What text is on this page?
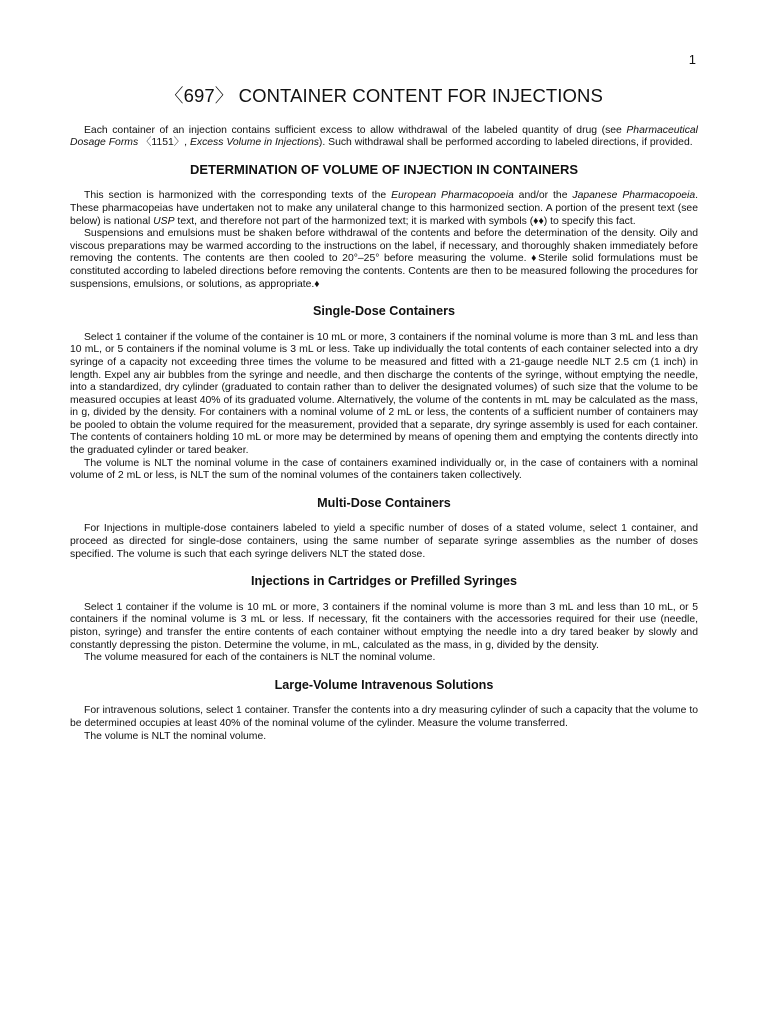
1
〈697〉 CONTAINER CONTENT FOR INJECTIONS

Each container of an injection contains sufficient excess to allow withdrawal of the labeled quantity of drug (see Pharmaceutical Dosage Forms 〈1151〉, Excess Volume in Injections). Such withdrawal shall be performed according to labeled directions, if provided.

DETERMINATION OF VOLUME OF INJECTION IN CONTAINERS

This section is harmonized with the corresponding texts of the European Pharmacopoeia and/or the Japanese Pharmacopoeia. These pharmacopeias have undertaken not to make any unilateral change to this harmonized section. A portion of the present text (see below) is national USP text, and therefore not part of the harmonized text; it is marked with symbols (♦♦) to specify this fact.

Suspensions and emulsions must be shaken before withdrawal of the contents and before the determination of the density. Oily and viscous preparations may be warmed according to the instructions on the label, if necessary, and thoroughly shaken immediately before removing the contents. The contents are then cooled to 20°–25° before measuring the volume. ♦Sterile solid formulations must be constituted according to labeled directions before removing the contents. Contents are then to be measured following the procedures for suspensions, emulsions, or solutions, as appropriate.♦

Single-Dose Containers

Select 1 container if the volume of the container is 10 mL or more, 3 containers if the nominal volume is more than 3 mL and less than 10 mL, or 5 containers if the nominal volume is 3 mL or less. Take up individually the total contents of each container selected into a dry syringe of a capacity not exceeding three times the volume to be measured and fitted with a 21-gauge needle NLT 2.5 cm (1 inch) in length. Expel any air bubbles from the syringe and needle, and then discharge the contents of the syringe, without emptying the needle, into a standardized, dry cylinder (graduated to contain rather than to deliver the designated volumes) of such size that the volume to be measured occupies at least 40% of its graduated volume. Alternatively, the volume of the contents in mL may be calculated as the mass, in g, divided by the density. For containers with a nominal volume of 2 mL or less, the contents of a sufficient number of containers may be pooled to obtain the volume required for the measurement, provided that a separate, dry syringe assembly is used for each container. The contents of containers holding 10 mL or more may be determined by means of opening them and emptying the contents directly into the graduated cylinder or tared beaker.

The volume is NLT the nominal volume in the case of containers examined individually or, in the case of containers with a nominal volume of 2 mL or less, is NLT the sum of the nominal volumes of the containers taken collectively.

Multi-Dose Containers

For Injections in multiple-dose containers labeled to yield a specific number of doses of a stated volume, select 1 container, and proceed as directed for single-dose containers, using the same number of separate syringe assemblies as the number of doses specified. The volume is such that each syringe delivers NLT the stated dose.

Injections in Cartridges or Prefilled Syringes

Select 1 container if the volume is 10 mL or more, 3 containers if the nominal volume is more than 3 mL and less than 10 mL, or 5 containers if the nominal volume is 3 mL or less. If necessary, fit the containers with the accessories required for their use (needle, piston, syringe) and transfer the entire contents of each container without emptying the needle into a dry tared beaker by slowly and constantly depressing the piston. Determine the volume, in mL, calculated as the mass, in g, divided by the density.

The volume measured for each of the containers is NLT the nominal volume.

Large-Volume Intravenous Solutions

For intravenous solutions, select 1 container. Transfer the contents into a dry measuring cylinder of such a capacity that the volume to be determined occupies at least 40% of the nominal volume of the cylinder. Measure the volume transferred.

The volume is NLT the nominal volume.
